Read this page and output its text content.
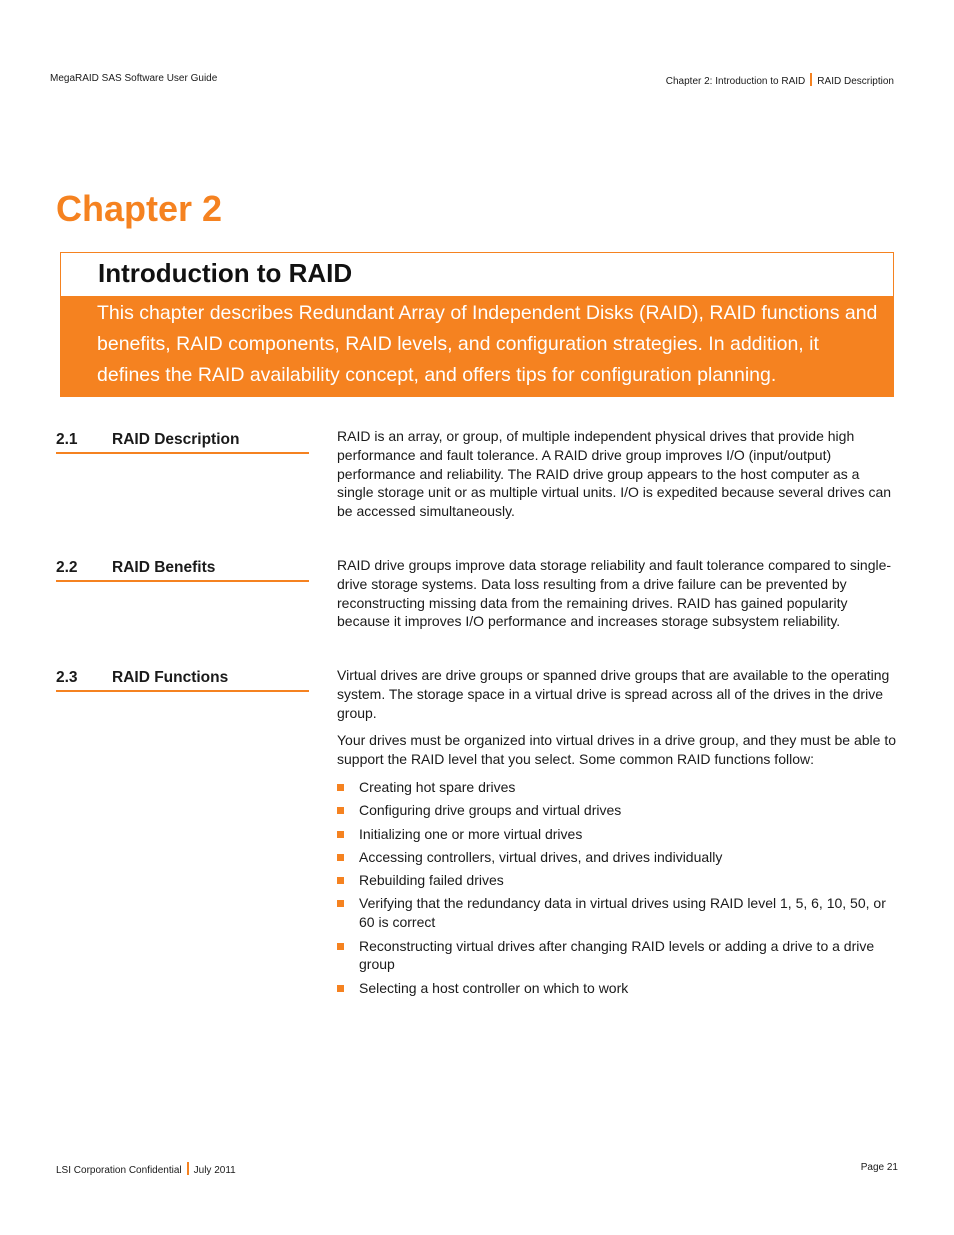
MegaRAID SAS Software User Guide	Chapter 2: Introduction to RAID RAID Description
Chapter 2
Introduction to RAID

This chapter describes Redundant Array of Independent Disks (RAID), RAID functions and benefits, RAID components, RAID levels, and configuration strategies. In addition, it defines the RAID availability concept, and offers tips for configuration planning.

2.1 RAID Description	RAID is an array, or group, of multiple independent physical drives that provide high performance and fault tolerance. A RAID drive group improves I/O (input/output) performance and reliability. The RAID drive group appears to the host computer as a single storage unit or as multiple virtual units. I/O is expedited because several drives can be accessed simultaneously.

2.2 RAID Benefits	RAID drive groups improve data storage reliability and fault tolerance compared to single-drive storage systems. Data loss resulting from a drive failure can be prevented by reconstructing missing data from the remaining drives. RAID has gained popularity because it improves I/O performance and increases storage subsystem reliability.

2.3 RAID Functions	Virtual drives are drive groups or spanned drive groups that are available to the operating system. The storage space in a virtual drive is spread across all of the drives in the drive group.

Your drives must be organized into virtual drives in a drive group, and they must be able to support the RAID level that you select. Some common RAID functions follow:

Creating hot spare drives
Configuring drive groups and virtual drives
Initializing one or more virtual drives
Accessing controllers, virtual drives, and drives individually
Rebuilding failed drives
Verifying that the redundancy data in virtual drives using RAID level 1, 5, 6, 10, 50, or 60 is correct
Reconstructing virtual drives after changing RAID levels or adding a drive to a drive group
Selecting a host controller on which to work
LSI Corporation Confidential July 2011	Page 21
